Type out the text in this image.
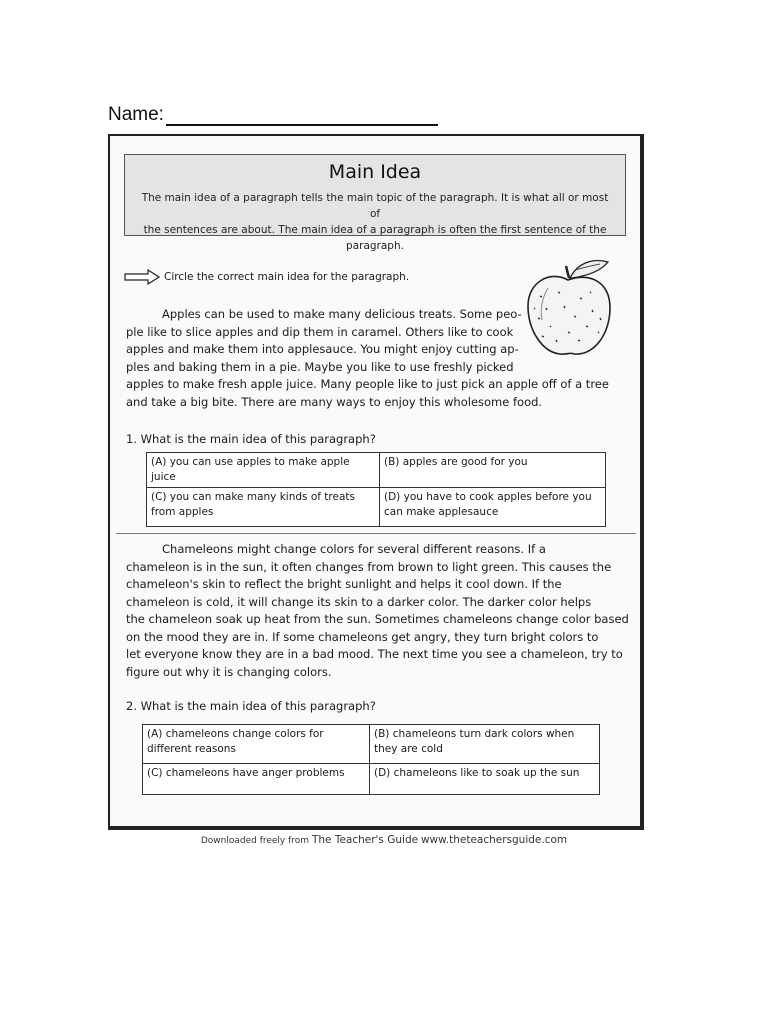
Name:
Main Idea
The main idea of a paragraph tells the main topic of the paragraph. It is what all or most of
the sentences are about. The main idea of a paragraph is often the first sentence of the
paragraph.
Circle the correct main idea for the paragraph.
Apples can be used to make many delicious treats. Some peo-
ple like to slice apples and dip them in caramel. Others like to cook
apples and make them into applesauce. You might enjoy cutting ap-
ples and baking them in a pie. Maybe you like to use freshly picked
apples to make fresh apple juice. Many people like to just pick an apple off of a tree
and take a big bite. There are many ways to enjoy this wholesome food.
1. What is the main idea of this paragraph?
(A) you can use apples to make apple juice	(B) apples are good for you
(C) you can make many kinds of treats from apples	(D) you have to cook apples before you can make applesauce
Chameleons might change colors for several different reasons. If a
chameleon is in the sun, it often changes from brown to light green. This causes the
chameleon's skin to reflect the bright sunlight and helps it cool down. If the
chameleon is cold, it will change its skin to a darker color. The darker color helps
the chameleon soak up heat from the sun. Sometimes chameleons change color based
on the mood they are in. If some chameleons get angry, they turn bright colors to
let everyone know they are in a bad mood. The next time you see a chameleon, try to
figure out why it is changing colors.
2. What is the main idea of this paragraph?
(A) chameleons change colors for different reasons	(B) chameleons turn dark colors when they are cold
(C) chameleons have anger problems	(D) chameleons like to soak up the sun
Downloaded freely from The Teacher's Guide www.theteachersguide.com
